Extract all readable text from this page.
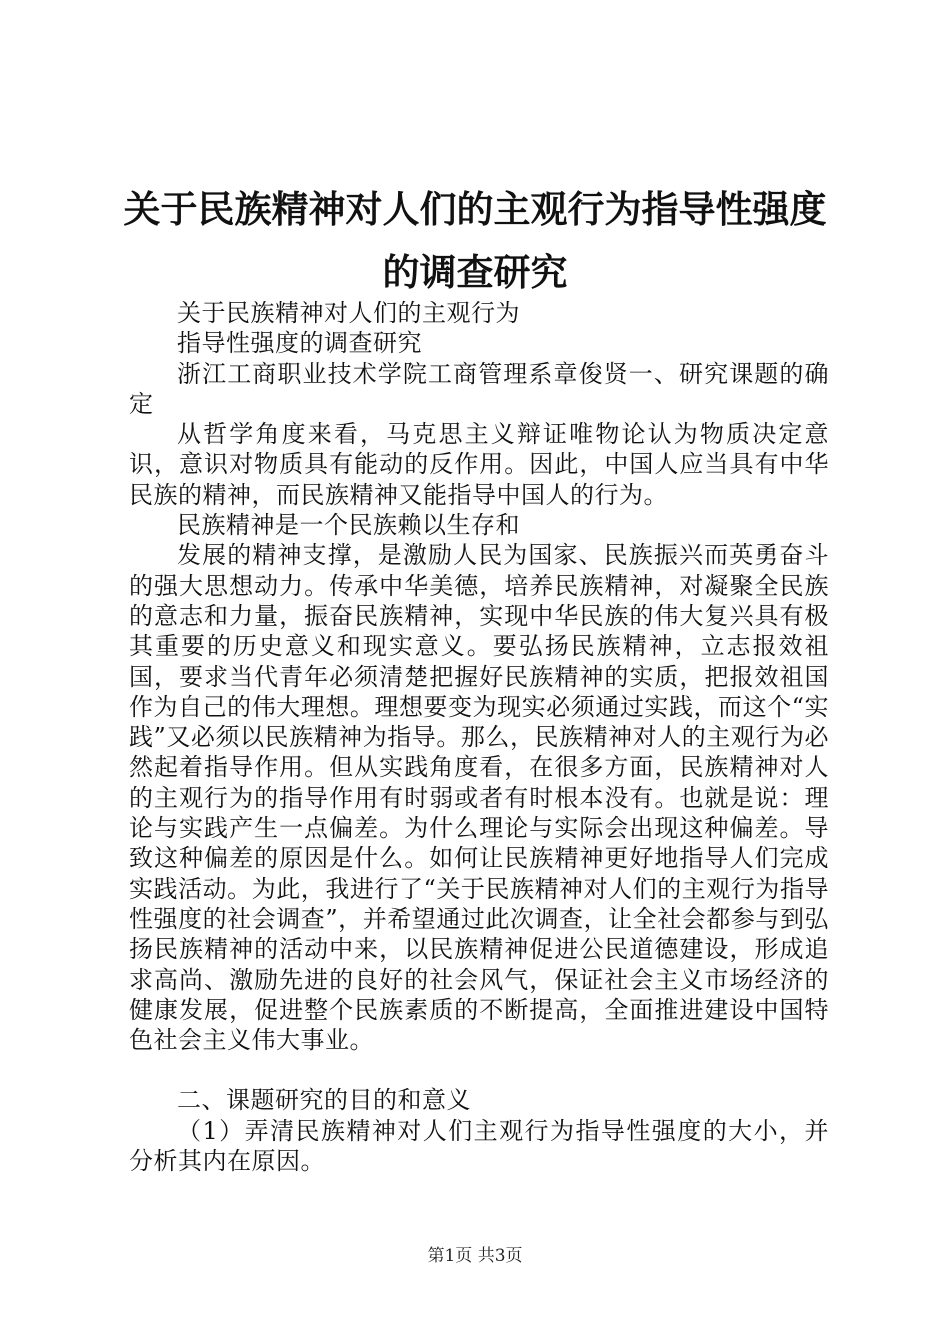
关于民族精神对人们的主观行为指导性强度的调查研究

关于民族精神对人们的主观行为

指导性强度的调查研究

浙江工商职业技术学院工商管理系章俊贤一、研究课题的确定

从哲学角度来看，马克思主义辩证唯物论认为物质决定意识，意识对物质具有能动的反作用。因此，中国人应当具有中华民族的精神，而民族精神又能指导中国人的行为。

民族精神是一个民族赖以生存和

发展的精神支撑，是激励人民为国家、民族振兴而英勇奋斗的强大思想动力。传承中华美德，培养民族精神，对凝聚全民族的意志和力量，振奋民族精神，实现中华民族的伟大复兴具有极其重要的历史意义和现实意义。要弘扬民族精神，立志报效祖国，要求当代青年必须清楚把握好民族精神的实质，把报效祖国作为自己的伟大理想。理想要变为现实必须通过实践，而这个“实践”又必须以民族精神为指导。那么，民族精神对人的主观行为必然起着指导作用。但从实践角度看，在很多方面，民族精神对人的主观行为的指导作用有时弱或者有时根本没有。也就是说：理论与实践产生一点偏差。为什么理论与实际会出现这种偏差。导致这种偏差的原因是什么。如何让民族精神更好地指导人们完成实践活动。为此，我进行了“关于民族精神对人们的主观行为指导性强度的社会调查”，并希望通过此次调查，让全社会都参与到弘扬民族精神的活动中来，以民族精神促进公民道德建设，形成追求高尚、激励先进的良好的社会风气，保证社会主义市场经济的健康发展，促进整个民族素质的不断提高，全面推进建设中国特色社会主义伟大事业。

二、课题研究的目的和意义

（1）弄清民族精神对人们主观行为指导性强度的大小，并分析其内在原因。

第1页 共3页
